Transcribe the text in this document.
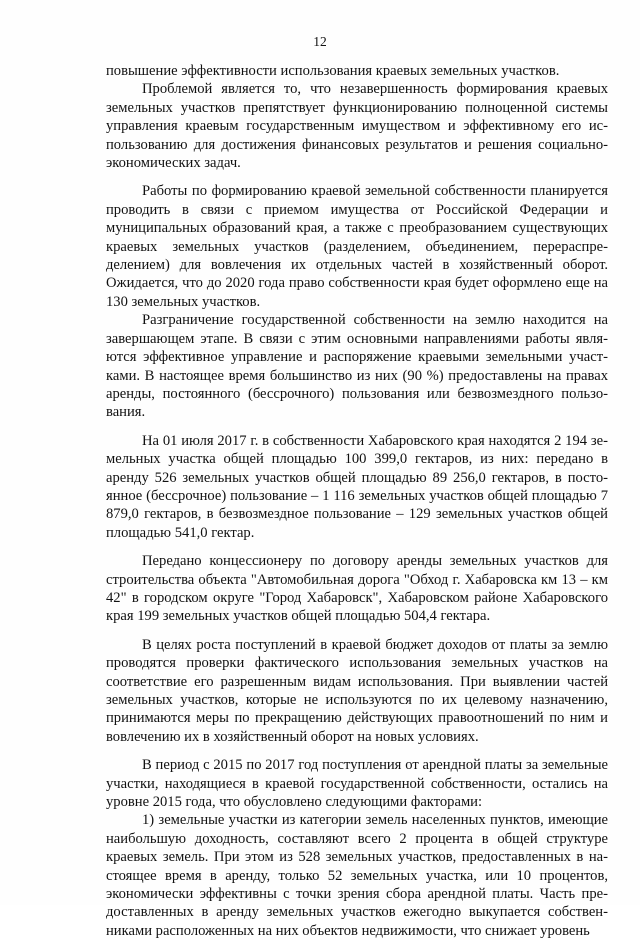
12

повышение эффективности использования краевых земельных участков.

Проблемой является то, что незавершенность формирования краевых земельных участков препятствует функционированию полноценной системы управления краевым государственным имуществом и эффективному его использованию для достижения финансовых результатов и решения социально-экономических задач.

Работы по формированию краевой земельной собственности планируется проводить в связи с приемом имущества от Российской Федерации и муниципальных образований края, а также с преобразованием существующих краевых земельных участков (разделением, объединением, перераспределением) для вовлечения их отдельных частей в хозяйственный оборот. Ожидается, что до 2020 года право собственности края будет оформлено еще на 130 земельных участков.

Разграничение государственной собственности на землю находится на завершающем этапе. В связи с этим основными направлениями работы являются эффективное управление и распоряжение краевыми земельными участками. В настоящее время большинство из них (90 %) предоставлены на правах аренды, постоянного (бессрочного) пользования или безвозмездного пользования.

На 01 июля 2017 г. в собственности Хабаровского края находятся 2 194 земельных участка общей площадью 100 399,0 гектаров, из них: передано в аренду 526 земельных участков общей площадью 89 256,0 гектаров, в постоянное (бессрочное) пользование – 1 116 земельных участков общей площадью 7 879,0 гектаров, в безвозмездное пользование – 129 земельных участков общей площадью 541,0 гектар.

Передано концессионеру по договору аренды земельных участков для строительства объекта "Автомобильная дорога "Обход г. Хабаровска км 13 – км 42" в городском округе "Город Хабаровск", Хабаровском районе Хабаровского края 199 земельных участков общей площадью 504,4 гектара.

В целях роста поступлений в краевой бюджет доходов от платы за землю проводятся проверки фактического использования земельных участков на соответствие его разрешенным видам использования. При выявлении частей земельных участков, которые не используются по их целевому назначению, принимаются меры по прекращению действующих правоотношений по ним и вовлечению их в хозяйственный оборот на новых условиях.

В период с 2015 по 2017 год поступления от арендной платы за земельные участки, находящиеся в краевой государственной собственности, остались на уровне 2015 года, что обусловлено следующими факторами:

1) земельные участки из категории земель населенных пунктов, имеющие наибольшую доходность, составляют всего 2 процента в общей структуре краевых земель. При этом из 528 земельных участков, предоставленных в настоящее время в аренду, только 52 земельных участка, или 10 процентов, экономически эффективны с точки зрения сбора арендной платы. Часть предоставленных в аренду земельных участков ежегодно выкупается собственниками расположенных на них объектов недвижимости, что снижает уровень
